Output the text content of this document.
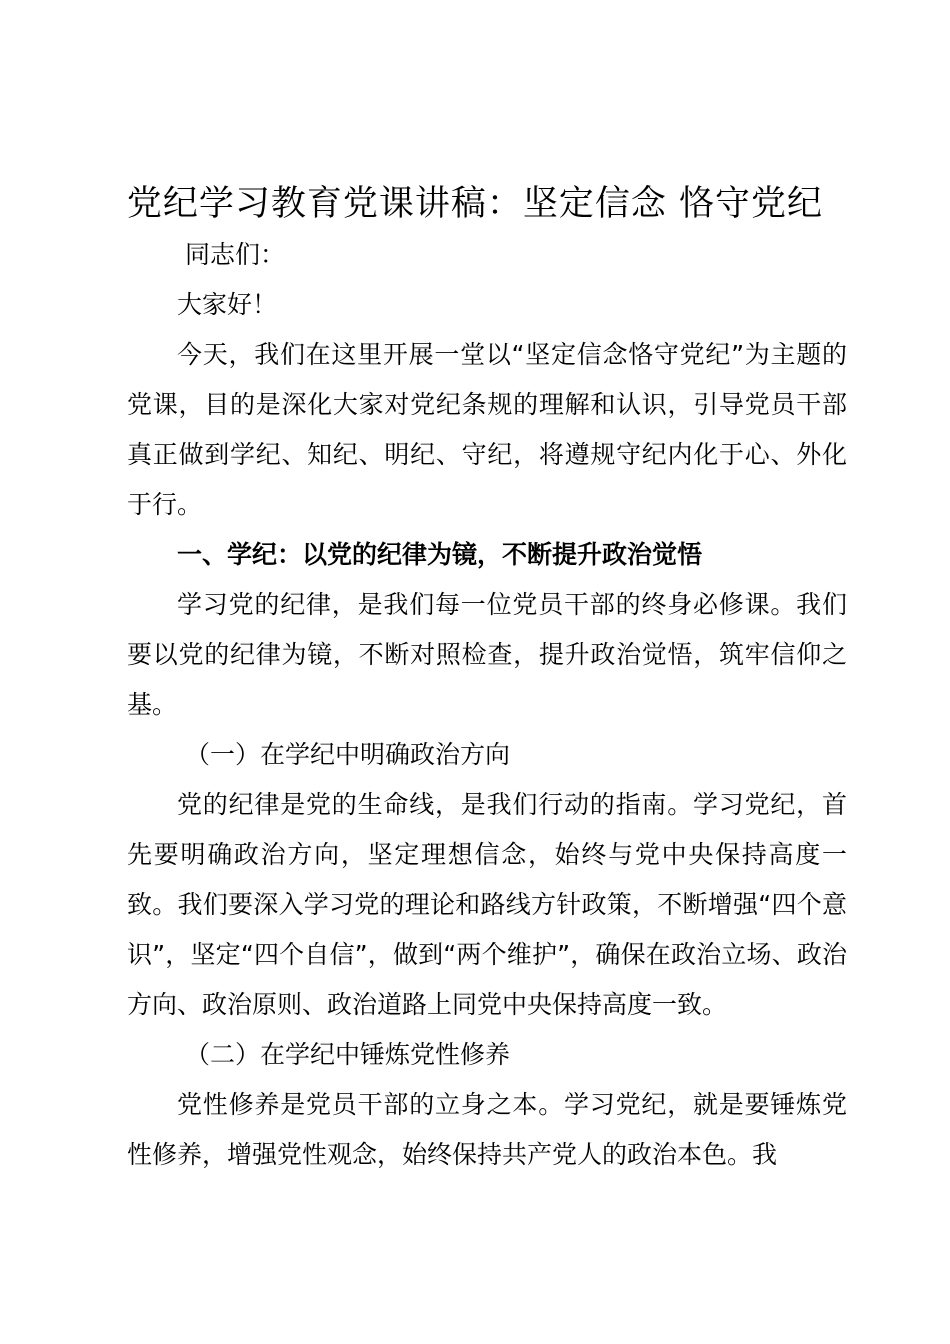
党纪学习教育党课讲稿：坚定信念 恪守党纪

同志们：

大家好！

今天，我们在这里开展一堂以“坚定信念恪守党纪”为主题的党课，目的是深化大家对党纪条规的理解和认识，引导党员干部真正做到学纪、知纪、明纪、守纪，将遵规守纪内化于心、外化于行。

一、学纪：以党的纪律为镜，不断提升政治觉悟

学习党的纪律，是我们每一位党员干部的终身必修课。我们要以党的纪律为镜，不断对照检查，提升政治觉悟，筑牢信仰之基。

（一）在学纪中明确政治方向

党的纪律是党的生命线，是我们行动的指南。学习党纪，首先要明确政治方向，坚定理想信念，始终与党中央保持高度一致。我们要深入学习党的理论和路线方针政策，不断增强“四个意识”，坚定“四个自信”，做到“两个维护”，确保在政治立场、政治方向、政治原则、政治道路上同党中央保持高度一致。

（二）在学纪中锤炼党性修养

党性修养是党员干部的立身之本。学习党纪，就是要锤炼党性修养，增强党性观念，始终保持共产党人的政治本色。我
